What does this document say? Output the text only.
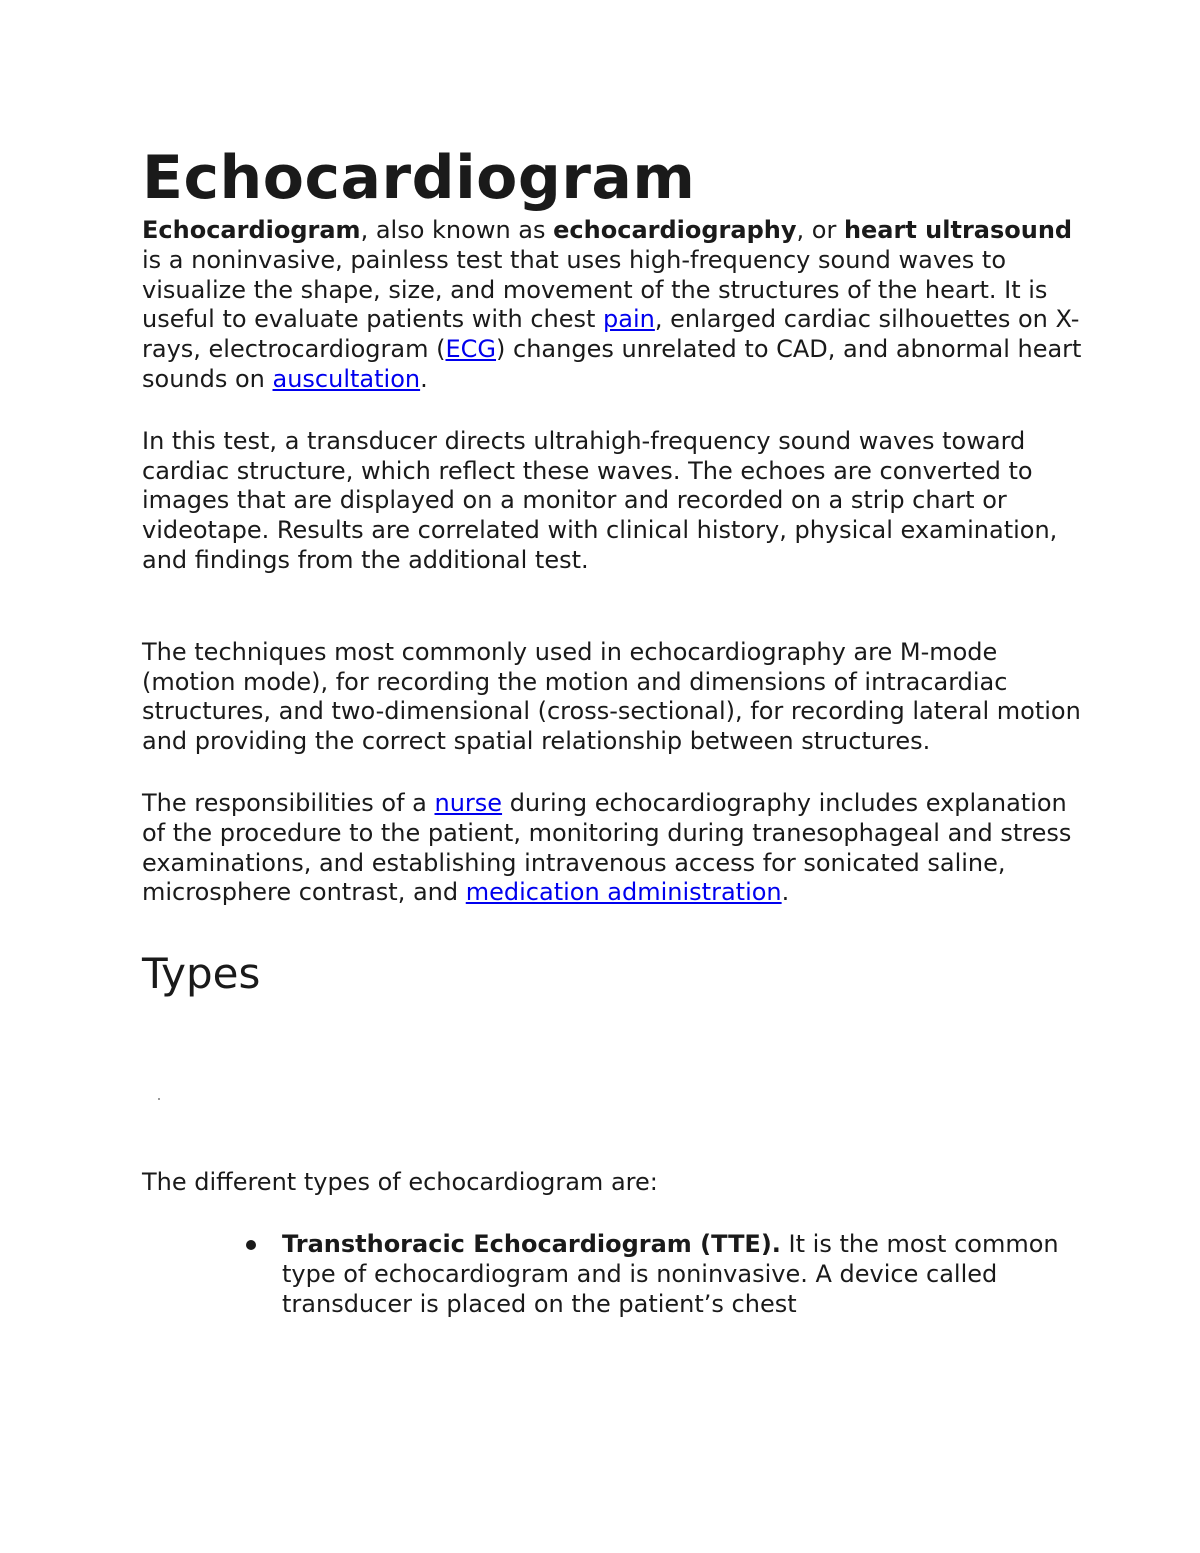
Echocardiogram

Echocardiogram, also known as echocardiography, or heart ultrasound is a noninvasive, painless test that uses high-frequency sound waves to visualize the shape, size, and movement of the structures of the heart. It is useful to evaluate patients with chest pain, enlarged cardiac silhouettes on X-rays, electrocardiogram (ECG) changes unrelated to CAD, and abnormal heart sounds on auscultation.

In this test, a transducer directs ultrahigh-frequency sound waves toward cardiac structure, which reflect these waves. The echoes are converted to images that are displayed on a monitor and recorded on a strip chart or videotape. Results are correlated with clinical history, physical examination, and findings from the additional test.

The techniques most commonly used in echocardiography are M-mode (motion mode), for recording the motion and dimensions of intracardiac structures, and two-dimensional (cross-sectional), for recording lateral motion and providing the correct spatial relationship between structures.

The responsibilities of a nurse during echocardiography includes explanation of the procedure to the patient, monitoring during tranesophageal and stress examinations, and establishing intravenous access for sonicated saline, microsphere contrast, and medication administration.

Types

The different types of echocardiogram are:

Transthoracic Echocardiogram (TTE). It is the most common type of echocardiogram and is noninvasive. A device called transducer is placed on the patient’s chest
